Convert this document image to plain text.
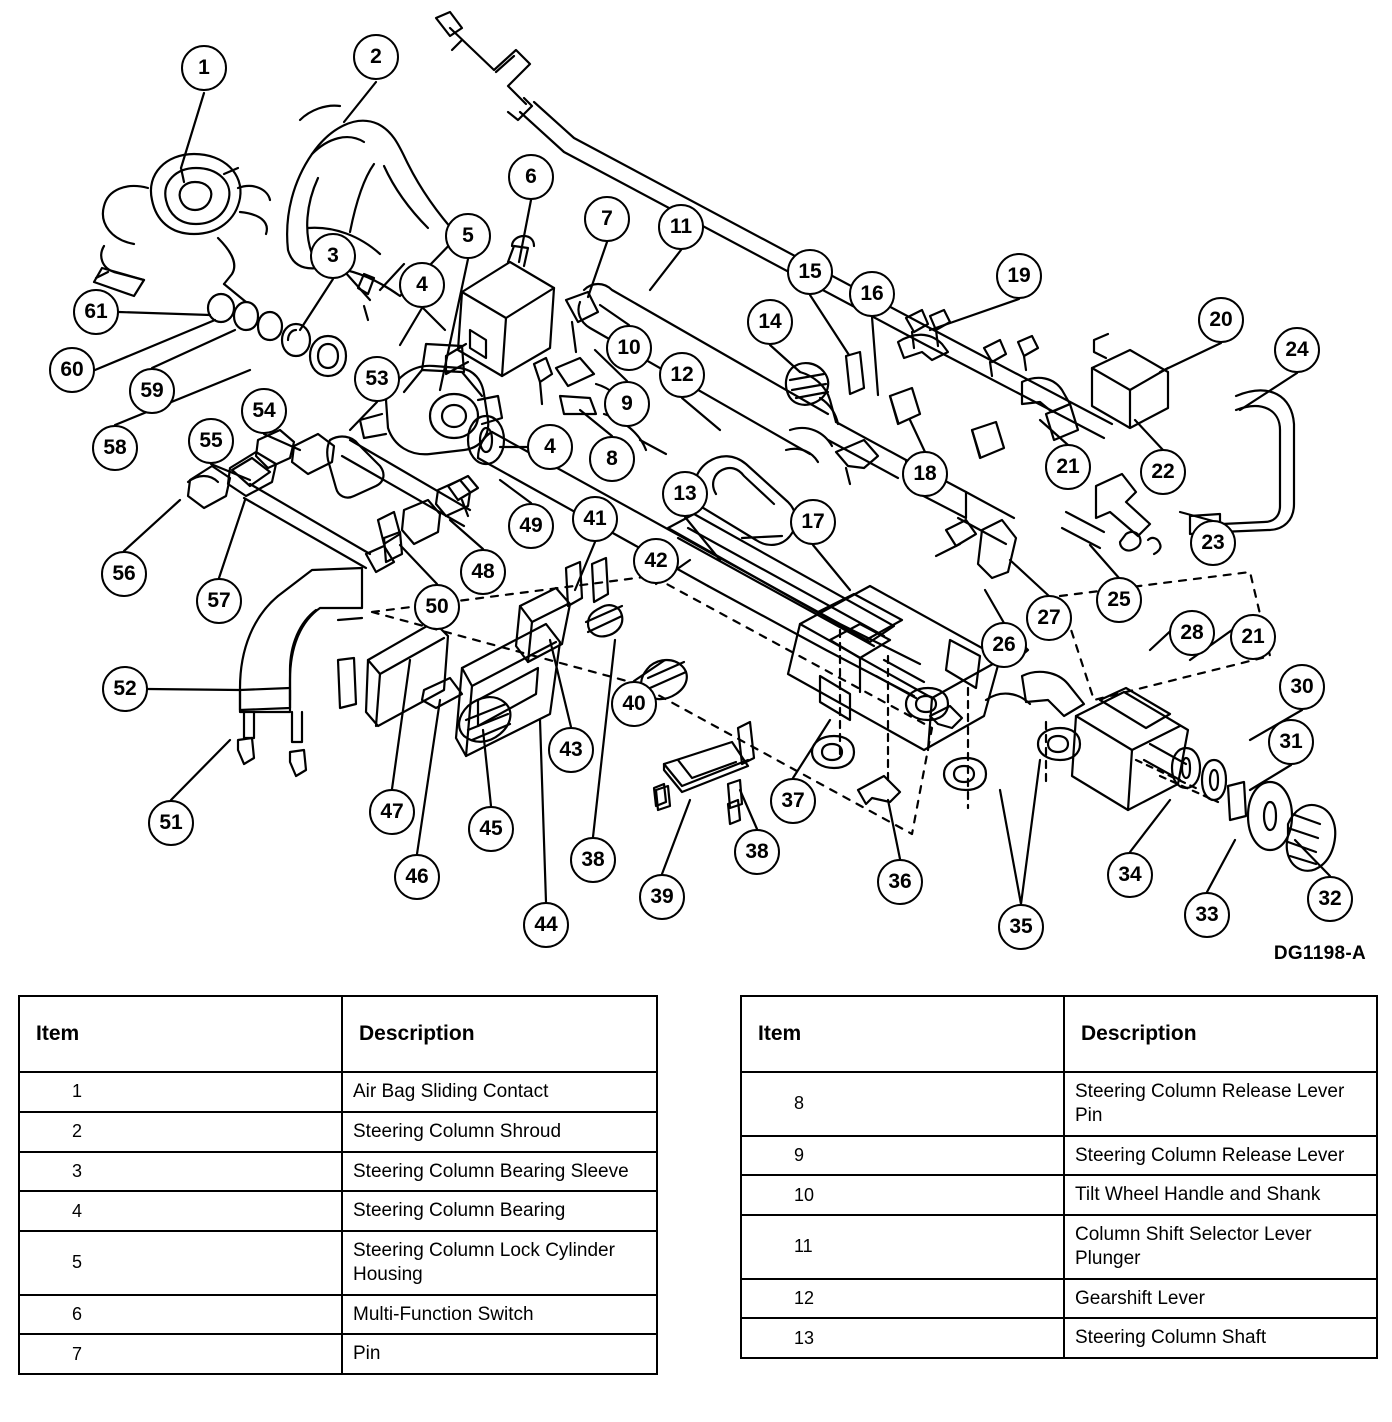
DG1198-A
1	2
3
4
5
6
7
8
9
10
11
12
13
14
15
16
17
18
19
20
21	22
23
24
25
26
27
28	21
30
31
32
33
34
35
36
37
38
39
38
40
41
42
43
44
45
46
47
48
49
50
51
52
53
54
55
56
57
58
59
60
61
4
Item	Description
1	Air Bag Sliding Contact
2	Steering Column Shroud
3	Steering Column Bearing Sleeve
4	Steering Column Bearing
5	Steering Column Lock Cylinder Housing
6	Multi-Function Switch
7	Pin
Item	Description
8	Steering Column Release Lever Pin
9	Steering Column Release Lever
10	Tilt Wheel Handle and Shank
11	Column Shift Selector Lever Plunger
12	Gearshift Lever
13	Steering Column Shaft
